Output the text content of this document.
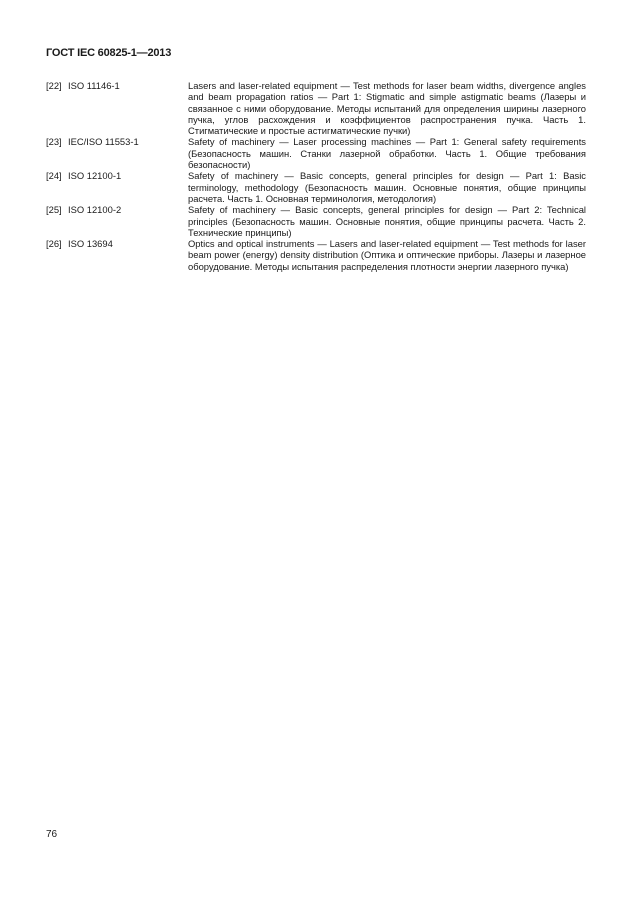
ГОСТ IEC 60825-1—2013
[22] ISO 11146-1	Lasers and laser-related equipment — Test methods for laser beam widths, divergence angles and beam propagation ratios — Part 1: Stigmatic and simple astigmatic beams (Лазеры и связанное с ними оборудование. Методы испытаний для определения ширины лазерного пучка, углов расхождения и коэффициентов распространения пучка. Часть 1. Стигматические и простые астигматические пучки)
[23] IEC/ISO 11553-1	Safety of machinery — Laser processing machines — Part 1: General safety requirements (Безопасность машин. Станки лазерной обработки. Часть 1. Общие требования безопасности)
[24] ISO 12100-1	Safety of machinery — Basic concepts, general principles for design — Part 1: Basic terminology, methodology (Безопасность машин. Основные понятия, общие принципы расчета. Часть 1. Основная терминология, методология)
[25] ISO 12100-2	Safety of machinery — Basic concepts, general principles for design — Part 2: Technical principles (Безопасность машин. Основные понятия, общие принципы расчета. Часть 2. Технические принципы)
[26] ISO 13694	Optics and optical instruments — Lasers and laser-related equipment — Test methods for laser beam power (energy) density distribution (Оптика и оптические приборы. Лазеры и лазерное оборудование. Методы испытания распределения плотности энергии лазерного пучка)
76
